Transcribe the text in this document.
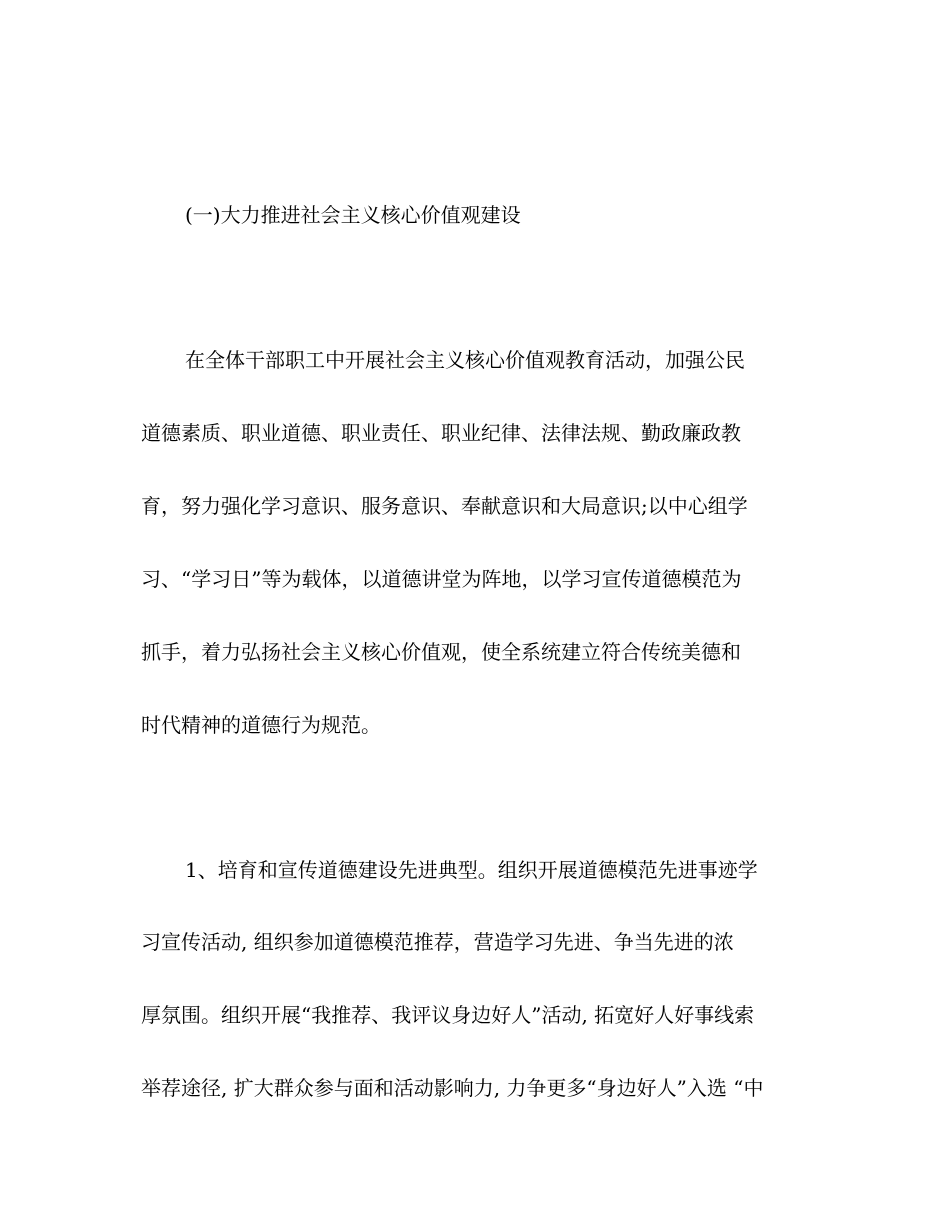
(一)大力推进社会主义核心价值观建设
在全体干部职工中开展社会主义核心价值观教育活动，加强公民
道德素质、职业道德、职业责任、职业纪律、法律法规、勤政廉政教
育，努力强化学习意识、服务意识、奉献意识和大局意识;以中心组学
习、“学习日”等为载体，以道德讲堂为阵地，以学习宣传道德模范为
抓手，着力弘扬社会主义核心价值观，使全系统建立符合传统美德和
时代精神的道德行为规范。
1、培育和宣传道德建设先进典型。组织开展道德模范先进事迹学
习宣传活动, 组织参加道德模范推荐，营造学习先进、争当先进的浓
厚氛围。组织开展“我推荐、我评议身边好人”活动, 拓宽好人好事线索
举荐途径, 扩大群众参与面和活动影响力, 力争更多“身边好人”入选 “中
